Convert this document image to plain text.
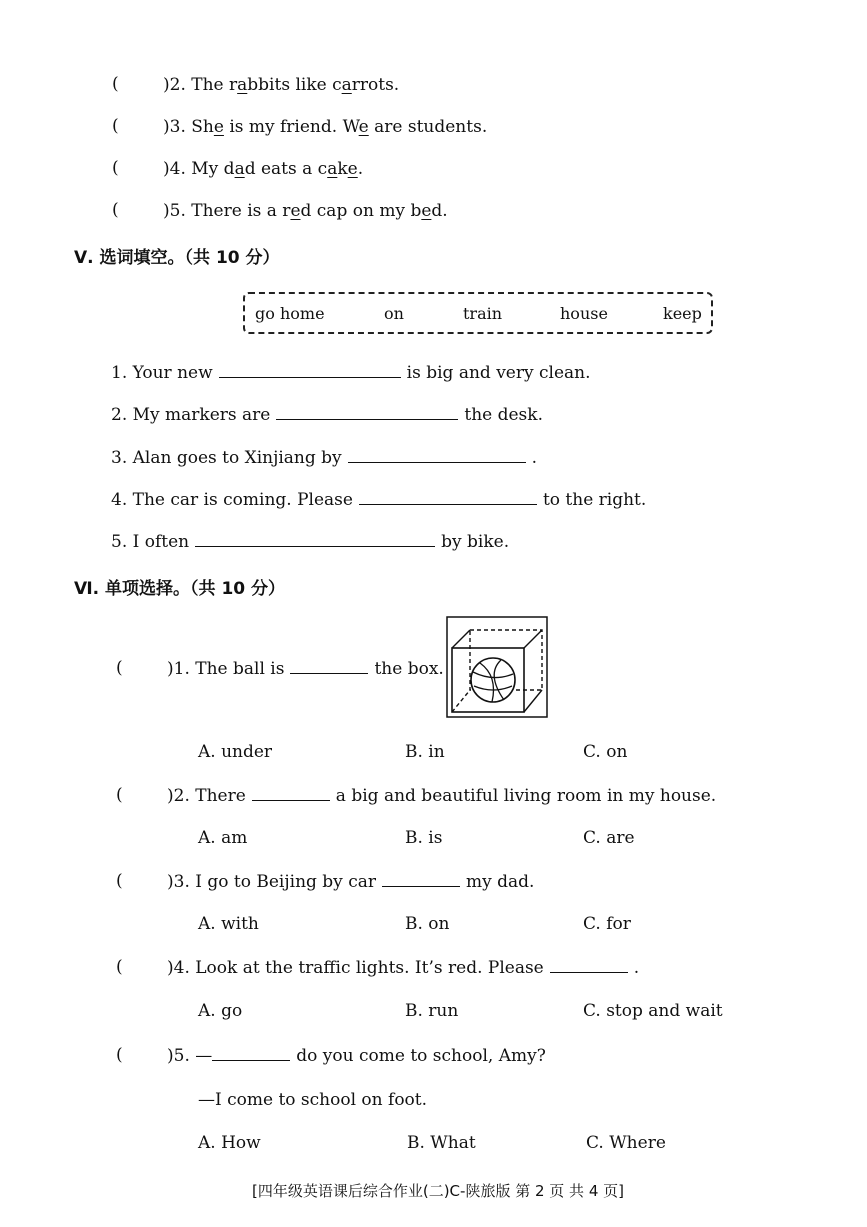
(	)2. The rabbits like carrots.
(	)3. She is my friend. We are students.
(	)4. My dad eats a cake.
(	)5. There is a red cap on my bed.
Ⅴ. 选词填空。（共 10 分）
go home	on	train	house	keep
1. Your new	is big and very clean.
2. My markers are	the desk.
3. Alan goes to Xinjiang by	.
4. The car is coming. Please	to the right.
5. I often	by bike.
Ⅵ. 单项选择。（共 10 分）
(	)1. The ball is	the box.
A. under	B. in	C. on
(	)2. There	a big and beautiful living room in my house.
A. am	B. is	C. are
(	)3. I go to Beijing by car	my dad.
A. with	B. on	C. for
(	)4. Look at the traffic lights. It’s red. Please	.
A. go	B. run	C. stop and wait
(	)5. —	do you come to school, Amy?
—I come to school on foot.
A. How	B. What	C. Where
[四年级英语课后综合作业(二)C-陕旅版 第 2 页 共 4 页]
